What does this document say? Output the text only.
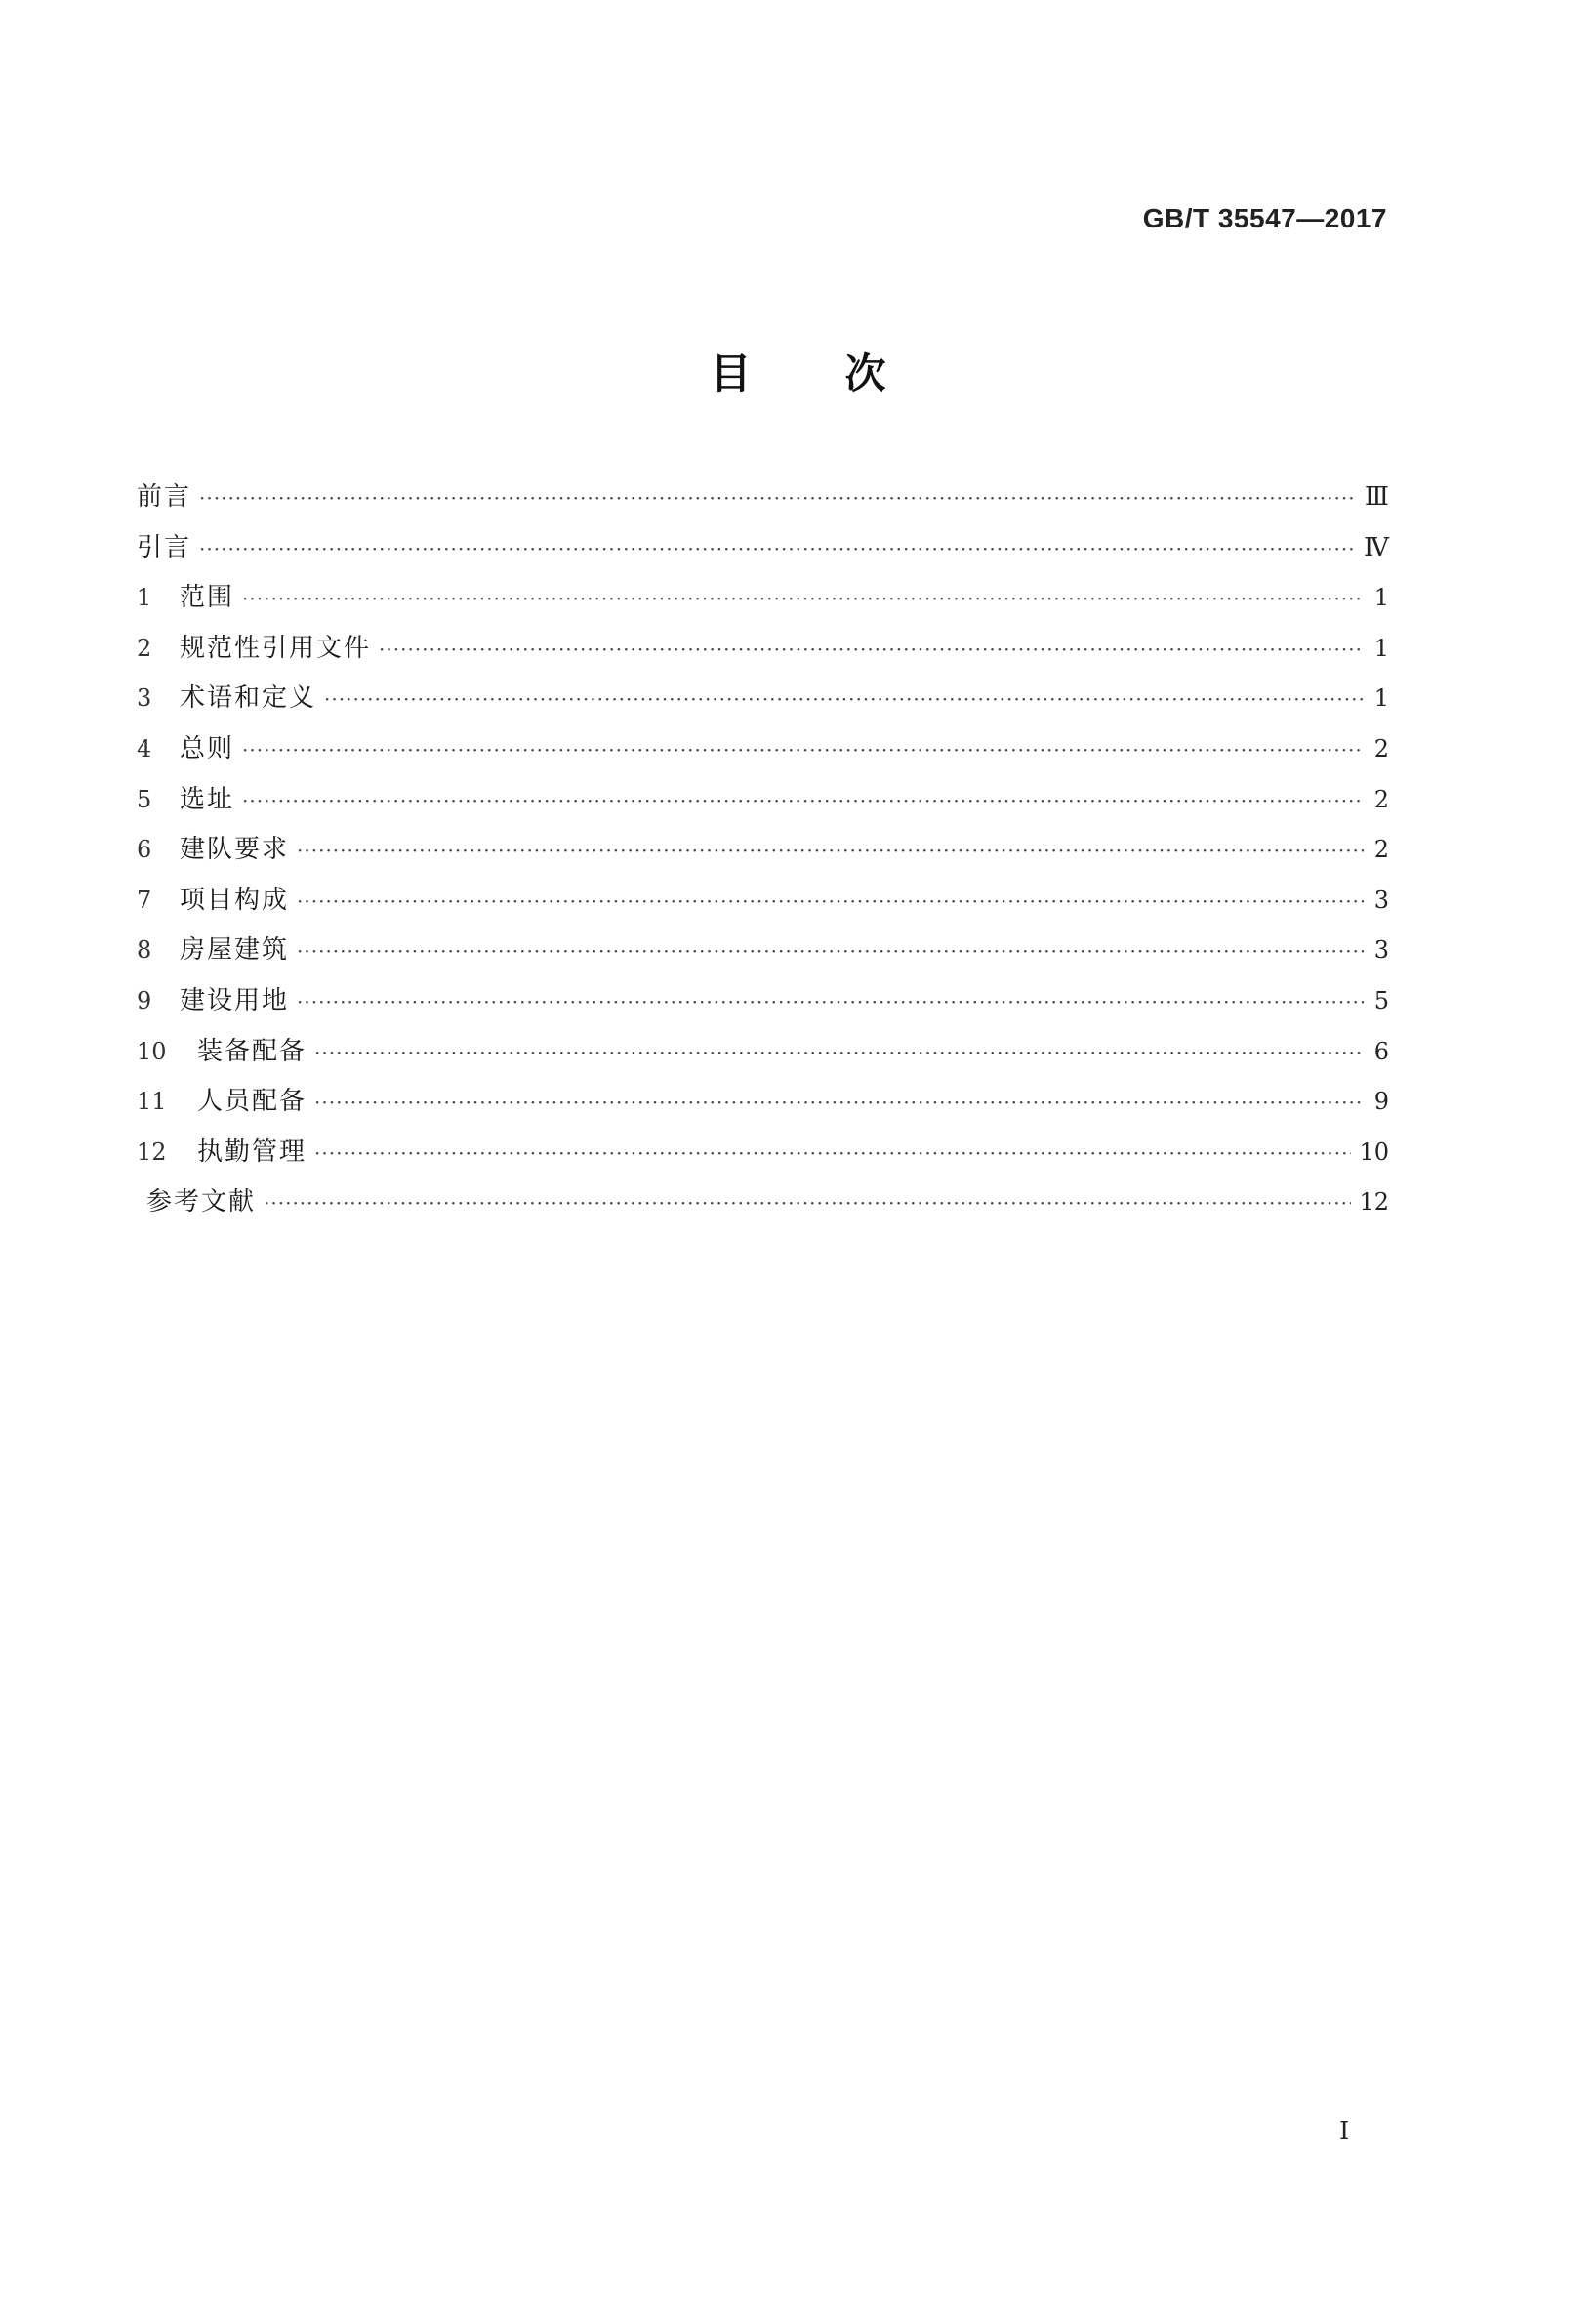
GB/T 35547—2017
目 次
前言 ·····	Ⅲ
引言 ·····	Ⅳ
1	范围 ·····	1
2	规范性引用文件 ·····	1
3	术语和定义 ·····	1
4	总则 ·····	2
5	选址 ·····	2
6	建队要求 ·····	2
7	项目构成 ·····	3
8	房屋建筑 ·····	3
9	建设用地 ·····	5
10	装备配备 ·····	6
11	人员配备 ·····	9
12	执勤管理 ·····	10
参考文献 ·····	12
I
